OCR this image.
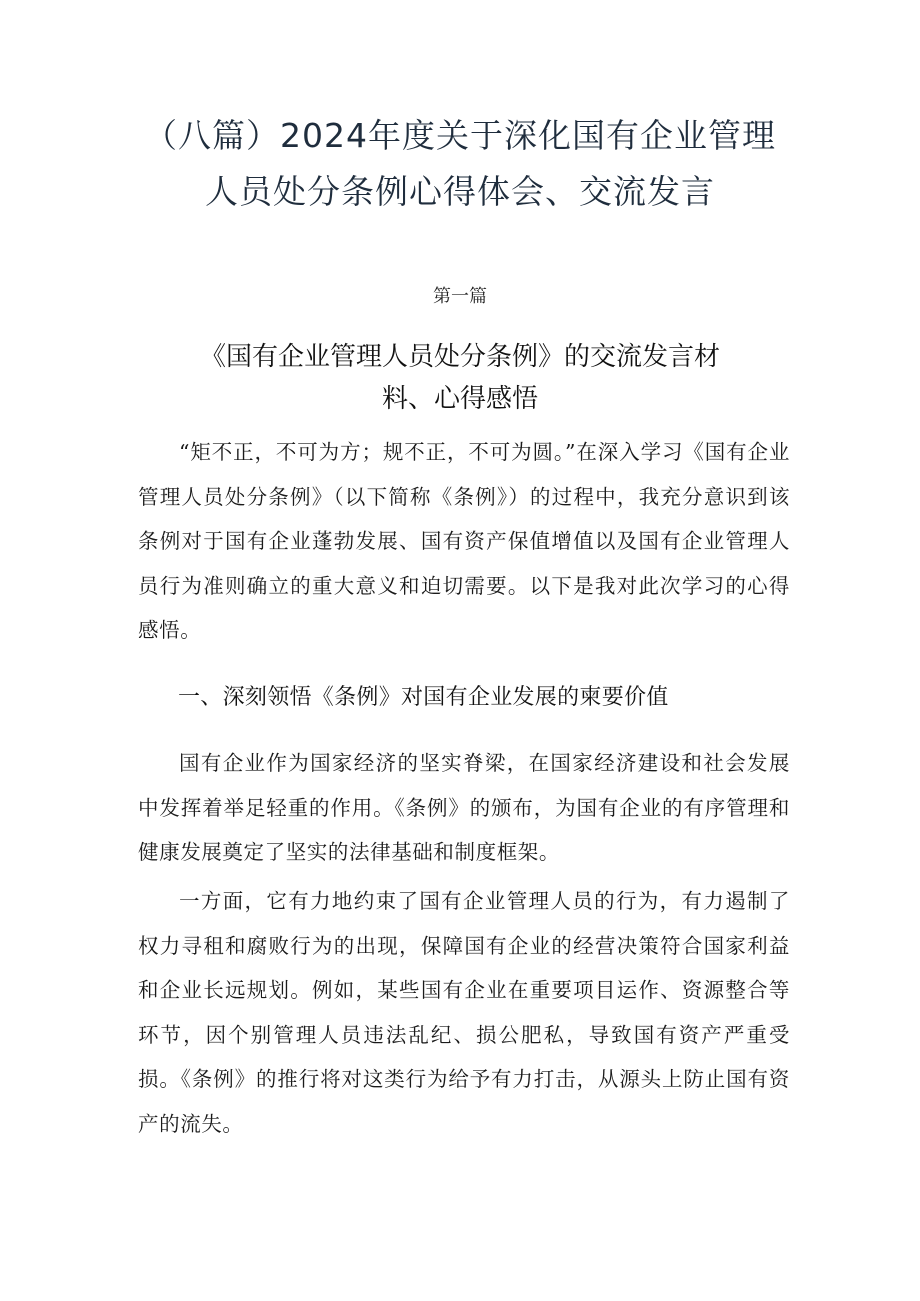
（八篇）2024年度关于深化国有企业管理
人员处分条例心得体会、交流发言
第一篇
《国有企业管理人员处分条例》的交流发言材
料、心得感悟

“矩不正，不可为方；规不正，不可为圆。”在深入学习《国有企业管理人员处分条例》（以下简称《条例》）的过程中，我充分意识到该条例对于国有企业蓬勃发展、国有资产保值增值以及国有企业管理人员行为准则确立的重大意义和迫切需要。以下是我对此次学习的心得感悟。

一、深刻领悟《条例》对国有企业发展的柬要价值

国有企业作为国家经济的坚实脊梁，在国家经济建设和社会发展中发挥着举足轻重的作用。《条例》的颁布，为国有企业的有序管理和健康发展奠定了坚实的法律基础和制度框架。

一方面，它有力地约束了国有企业管理人员的行为，有力遏制了权力寻租和腐败行为的出现，保障国有企业的经营决策符合国家利益和企业长远规划。例如，某些国有企业在重要项目运作、资源整合等环节，因个别管理人员违法乱纪、损公肥私，导致国有资产严重受损。《条例》的推行将对这类行为给予有力打击，从源头上防止国有资产的流失。
